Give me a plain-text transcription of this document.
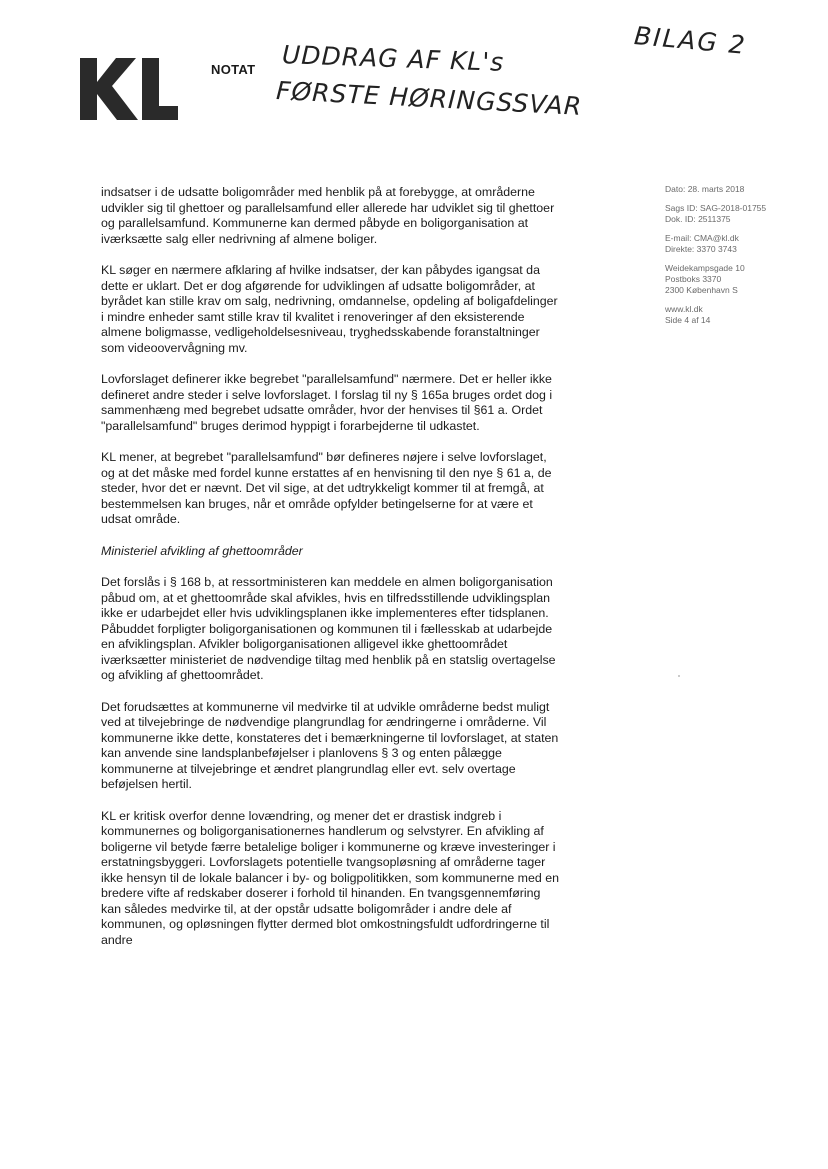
NOTAT UDDRAG AF KL's
FØRSTE HØRINGSSVAR
BILAG 2
Dato: 28. marts 2018
Sags ID: SAG-2018-01755
Dok. ID: 2511375
E-mail: CMA@kl.dk
Direkte: 3370 3743
Weidekampsgade 10
Postboks 3370
2300 København S
www.kl.dk
Side 4 af 14

indsatser i de udsatte boligområder med henblik på at forebygge, at områderne udvikler sig til ghettoer og parallelsamfund eller allerede har udviklet sig til ghettoer og parallelsamfund. Kommunerne kan dermed påbyde en boligorganisation at iværksætte salg eller nedrivning af almene boliger.

KL søger en nærmere afklaring af hvilke indsatser, der kan påbydes igangsat da dette er uklart. Det er dog afgørende for udviklingen af udsatte boligområder, at byrådet kan stille krav om salg, nedrivning, omdannelse, opdeling af boligafdelinger i mindre enheder samt stille krav til kvalitet i renoveringer af den eksisterende almene boligmasse, vedligeholdelsesniveau, tryghedsskabende foranstaltninger som videoovervågning mv.

Lovforslaget definerer ikke begrebet "parallelsamfund" nærmere. Det er heller ikke defineret andre steder i selve lovforslaget. I forslag til ny § 165a bruges ordet dog i sammenhæng med begrebet udsatte områder, hvor der henvises til §61 a. Ordet "parallelsamfund" bruges derimod hyppigt i forarbejderne til udkastet.

KL mener, at begrebet "parallelsamfund" bør defineres nøjere i selve lovforslaget, og at det måske med fordel kunne erstattes af en henvisning til den nye § 61 a, de steder, hvor det er nævnt. Det vil sige, at det udtrykkeligt kommer til at fremgå, at bestemmelsen kan bruges, når et område opfylder betingelserne for at være et udsat område.

Ministeriel afvikling af ghettoområder

Det forslås i § 168 b, at ressortministeren kan meddele en almen boligorganisation påbud om, at et ghettoområde skal afvikles, hvis en tilfredsstillende udviklingsplan ikke er udarbejdet eller hvis udviklingsplanen ikke implementeres efter tidsplanen. Påbuddet forpligter boligorganisationen og kommunen til i fællesskab at udarbejde en afviklingsplan. Afvikler boligorganisationen alligevel ikke ghettoområdet iværksætter ministeriet de nødvendige tiltag med henblik på en statslig overtagelse og afvikling af ghettoområdet.

Det forudsættes at kommunerne vil medvirke til at udvikle områderne bedst muligt ved at tilvejebringe de nødvendige plangrundlag for ændringerne i områderne. Vil kommunerne ikke dette, konstateres det i bemærkningerne til lovforslaget, at staten kan anvende sine landsplanbeføjelser i planlovens § 3 og enten pålægge kommunerne at tilvejebringe et ændret plangrundlag eller evt. selv overtage beføjelsen hertil.

KL er kritisk overfor denne lovændring, og mener det er drastisk indgreb i kommunernes og boligorganisationernes handlerum og selvstyrer. En afvikling af boligerne vil betyde færre betalelige boliger i kommunerne og kræve investeringer i erstatningsbyggeri. Lovforslagets potentielle tvangsopløsning af områderne tager ikke hensyn til de lokale balancer i by- og boligpolitikken, som kommunerne med en bredere vifte af redskaber doserer i forhold til hinanden. En tvangsgennemføring kan således medvirke til, at der opstår udsatte boligområder i andre dele af kommunen, og opløsningen flytter dermed blot omkostningsfuldt udfordringerne til andre
